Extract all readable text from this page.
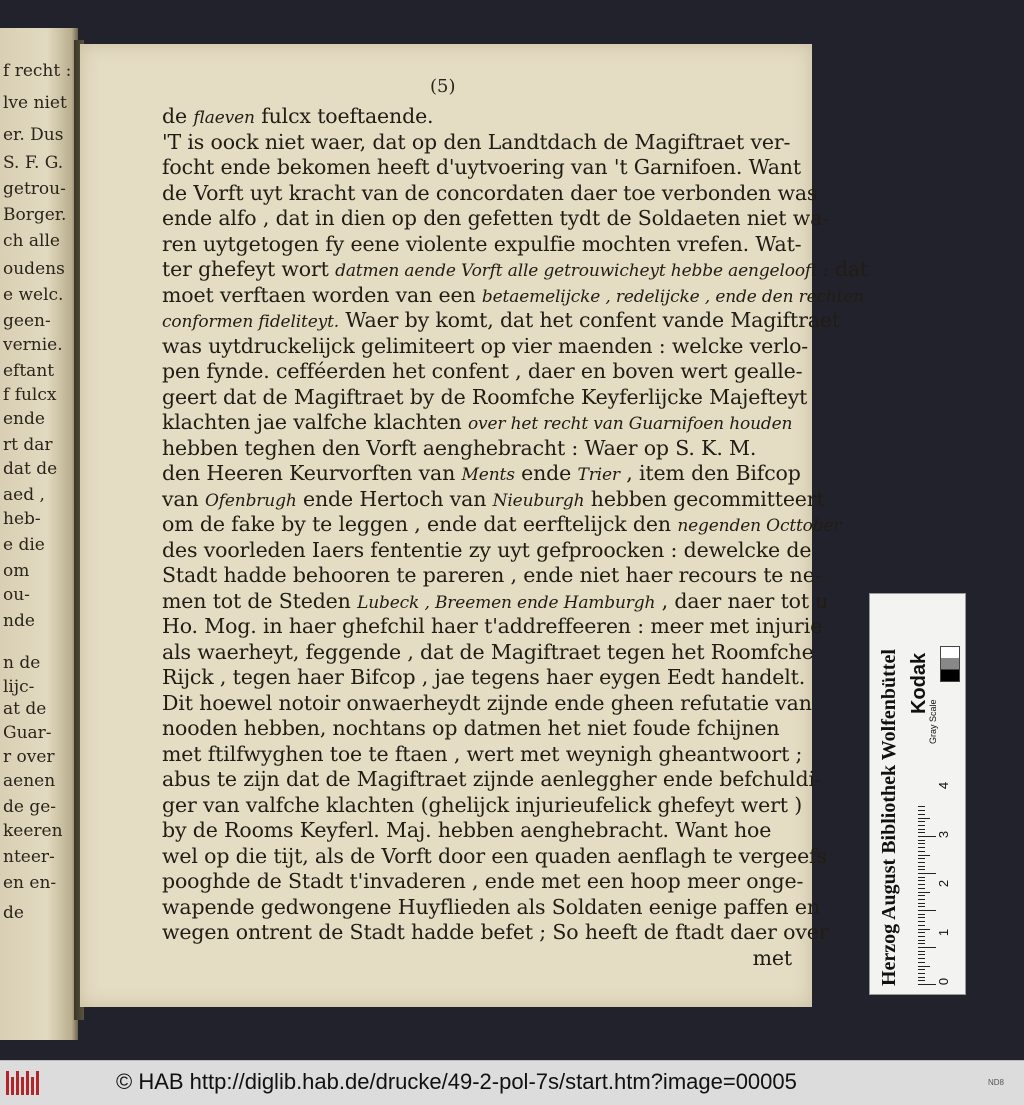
f recht :
lve niet
er. Dus
S. F. G.
getrou-
Borger.
ch alle
oudens
e welc.
geen-
vernie.
eftant
f fulcx
ende
rt dar
dat de
aed ,
heb-
e die
om
ou-
nde
n de
lijc-
at de
Guar-
r over
aenen
de ge-
keeren
nteer-
en en-
de
(5)
de flaeven fulcx toeftaende.
'T is oock niet waer, dat op den Landtdach de Magiftraet ver-
focht ende bekomen heeft d'uytvoering van 't Garnifoen. Want
de Vorft uyt kracht van de concordaten daer toe verbonden was
ende alfo , dat in dien op den gefetten tydt de Soldaeten niet wa-
ren uytgetogen fy eene violente expulfie mochten vrefen. Wat-
ter ghefeyt wort datmen aende Vorft alle getrouwicheyt hebbe aengelooft : dat
moet verftaen worden van een betaemelijcke , redelijcke , ende den rechten
conformen fideliteyt. Waer by komt, dat het confent vande Magiftraet
was uytdruckelijck gelimiteert op vier maenden : welcke verlo-
pen fynde. cefféerden het confent , daer en boven wert gealle-
geert dat de Magiftraet by de Roomfche Keyferlijcke Majefteyt
klachten jae valfche klachten over het recht van Guarnifoen houden
hebben teghen den Vorft aenghebracht : Waer op S. K. M.
den Heeren Keurvorften van Ments ende Trier , item den Bifcop
van Ofenbrugh ende Hertoch van Nieuburgh hebben gecommitteert
om de fake by te leggen , ende dat eerftelijck den negenden Octtober
des voorleden Iaers fententie zy uyt gefproocken : dewelcke de
Stadt hadde behooren te pareren , ende niet haer recours te ne-
men tot de Steden Lubeck , Breemen ende Hamburgh , daer naer tot u
Ho. Mog. in haer ghefchil haer t'addreffeeren : meer met injurie
als waerheyt, feggende , dat de Magiftraet tegen het Roomfche
Rijck , tegen haer Bifcop , jae tegens haer eygen Eedt handelt.
Dit hoewel notoir onwaerheydt zijnde ende gheen refutatie van
nooden hebben, nochtans op datmen het niet foude fchijnen
met ftilfwyghen toe te ftaen , wert met weynigh gheantwoort ;
abus te zijn dat de Magiftraet zijnde aenleggher ende befchuldi-
ger van valfche klachten (ghelijck injurieufelick ghefeyt wert )
by de Rooms Keyferl. Maj. hebben aenghebracht. Want hoe
wel op die tijt, als de Vorft door een quaden aenflagh te vergeefs
pooghde de Stadt t'invaderen , ende met een hoop meer onge-
wapende gedwongene Huyflieden als Soldaten eenige paffen en
wegen ontrent de Stadt hadde befet ; So heeft de ftadt daer over
met	Herzog August Bibliothek Wolfenbüttel Kodak
Gray Scale
0
1
2
3
4
© HAB http://diglib.hab.de/drucke/49-2-pol-7s/start.htm?image=00005	ND8
